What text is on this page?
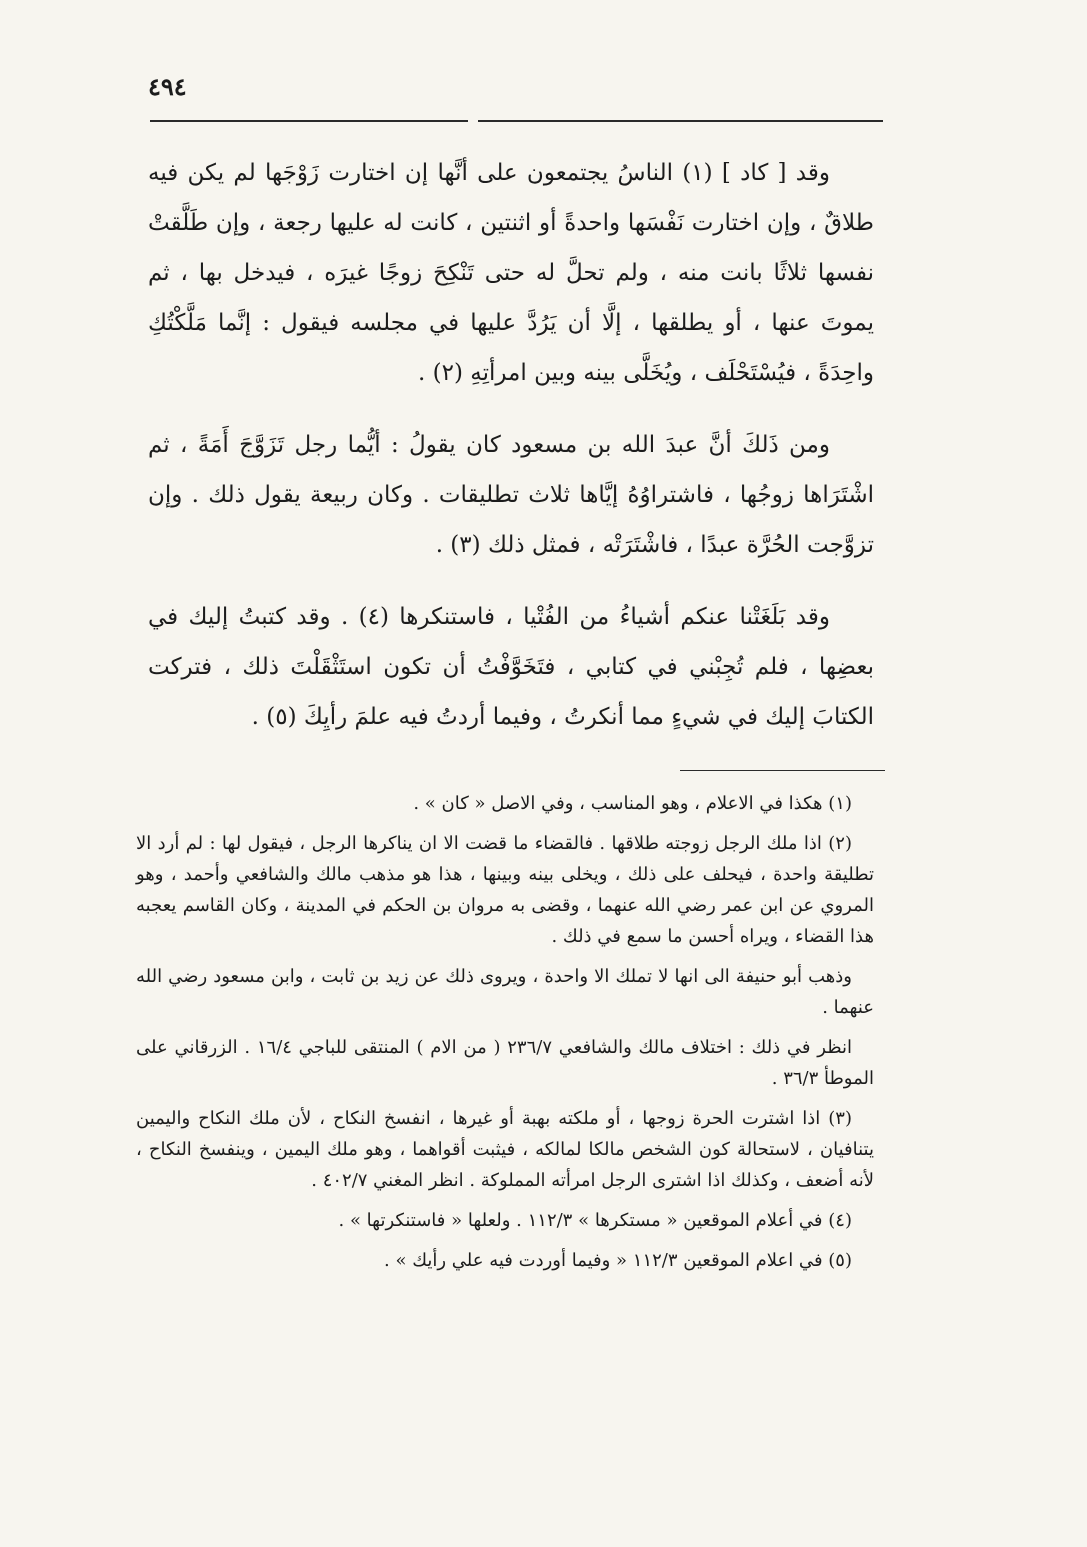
٤٩٤

وقد [ كاد ] (١) الناسُ يجتمعون على أنَّها إن اختارت زَوْجَها لم يكن فيه طلاقٌ ، وإن اختارت نَفْسَها واحدةً أو اثنتين ، كانت له عليها رجعة ، وإن طَلَّقتْ نفسها ثلاثًا بانت منه ، ولم تحلَّ له حتى تَنْكِحَ زوجًا غيرَه ، فيدخل بها ، ثم يموتَ عنها ، أو يطلقها ، إلَّا أن يَرُدَّ عليها في مجلسه فيقول : إنَّما مَلَّكْتُكِ واحِدَةً ، فيُسْتَحْلَف ، ويُخَلَّى بينه وبين امرأتِهِ (٢) .

ومن ذَلكَ أنَّ عبدَ الله بن مسعود كان يقولُ : أيُّما رجل تَزَوَّجَ أَمَةً ، ثم اشْتَرَاها زوجُها ، فاشتراوُهُ إيَّاها ثلاث تطليقات . وكان ربيعة يقول ذلك . وإن تزوَّجت الحُرَّة عبدًا ، فاشْتَرَتْه ، فمثل ذلك (٣) .

وقد بَلَغَتْنا عنكم أشياءُ من الفُتْيا ، فاستنكرها (٤) . وقد كتبتُ إليك في بعضِها ، فلم تُجِبْني في كتابي ، فتَخَوَّفْتُ أن تكون استَثْقَلْتَ ذلك ، فتركت الكتابَ إليك في شيءٍ مما أنكرتُ ، وفيما أردتُ فيه علمَ رأيِكَ (٥) .

(١) هكذا في الاعلام ، وهو المناسب ، وفي الاصل « كان » .

(٢) اذا ملك الرجل زوجته طلاقها . فالقضاء ما قضت الا ان يناكرها الرجل ، فيقول لها : لم أرد الا تطليقة واحدة ، فيحلف على ذلك ، ويخلى بينه وبينها ، هذا هو مذهب مالك والشافعي وأحمد ، وهو المروي عن ابن عمر رضي الله عنهما ، وقضى به مروان بن الحكم في المدينة ، وكان القاسم يعجبه هذا القضاء ، ويراه أحسن ما سمع في ذلك .

وذهب أبو حنيفة الى انها لا تملك الا واحدة ، ويروى ذلك عن زيد بن ثابت ، وابن مسعود رضي الله عنهما .

انظر في ذلك : اختلاف مالك والشافعي ٢٣٦/٧ ( من الام ) المنتقى للباجي ١٦/٤ . الزرقاني على الموطأ ٣٦/٣ .

(٣) اذا اشترت الحرة زوجها ، أو ملكته بهبة أو غيرها ، انفسخ النكاح ، لأن ملك النكاح واليمين يتنافيان ، لاستحالة كون الشخص مالكا لمالكه ، فيثبت أقواهما ، وهو ملك اليمين ، وينفسخ النكاح ، لأنه أضعف ، وكذلك اذا اشترى الرجل امرأته المملوكة . انظر المغني ٤٠٢/٧ .

(٤) في أعلام الموقعين « مستكرها » ١١٢/٣ . ولعلها « فاستنكرتها » .

(٥) في اعلام الموقعين ١١٢/٣ « وفيما أوردت فيه علي رأيك » .
